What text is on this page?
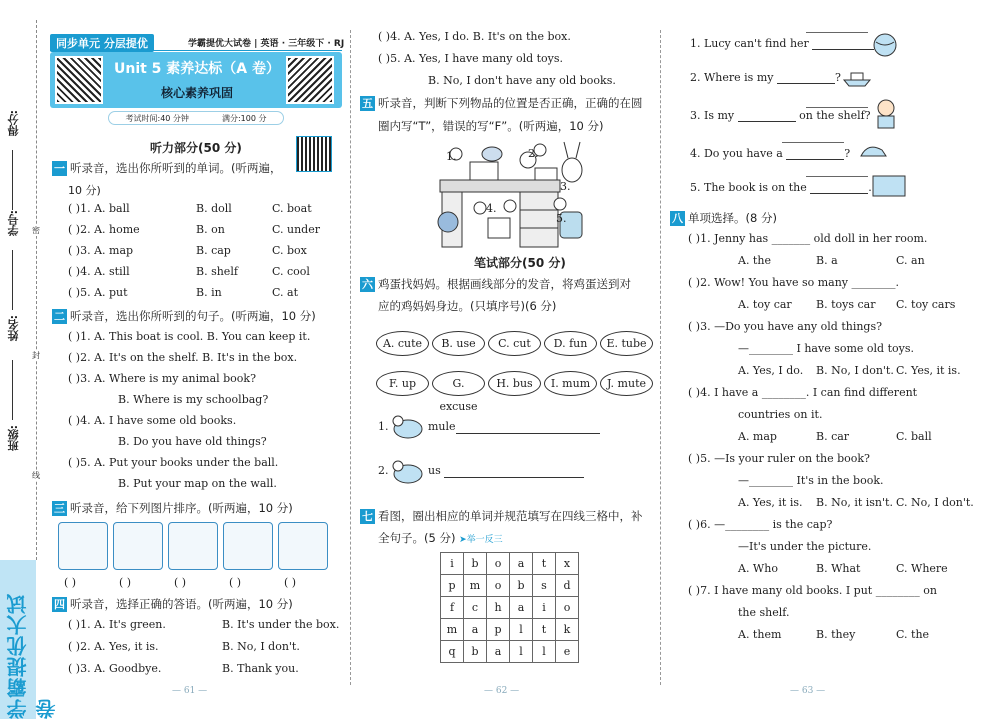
得分:
学号:
姓名:
班级:
密
封
线
学霸提优大试卷
同步单元 分层提优	学霸提优大试卷 | 英语 · 三年级下 · RJ
Unit 5 素养达标（A 卷）
核心素养巩固
考试时间:40 分钟	满分:100 分
听力部分(50 分)
一 听录音，选出你所听到的单词。(听两遍，
10 分)
( )1. A. ball	B. doll	C. boat
( )2. A. home	B. on	C. under
( )3. A. map	B. cap	C. box
( )4. A. still	B. shelf	C. cool
( )5. A. put	B. in	C. at
二 听录音，选出你所听到的句子。(听两遍，10 分)
( )1. A. This boat is cool. B. You can keep it.
( )2. A. It's on the shelf. B. It's in the box.
( )3. A. Where is my animal book?
B. Where is my schoolbag?
( )4. A. I have some old books.
B. Do you have old things?
( )5. A. Put your books under the ball.
B. Put your map on the wall.
三 听录音，给下列图片排序。(听两遍，10 分)
( )	( )	( )	( )	( )
四 听录音，选择正确的答语。(听两遍，10 分)
( )1. A. It's green.	B. It's under the box.
( )2. A. Yes, it is.	B. No, I don't.
( )3. A. Goodbye.	B. Thank you.
— 61 —
( )4. A. Yes, I do. B. It's on the box.
( )5. A. Yes, I have many old toys.
B. No, I don't have any old books.
五 听录音，判断下列物品的位置是否正确，正确的在圆
圈内写“T”，错误的写“F”。(听两遍，10 分)
1.	2.
3.
4.
5.
笔试部分(50 分)
六 鸡蛋找妈妈。根据画线部分的发音，将鸡蛋送到对
应的鸡妈妈身边。(只填序号)(6 分)
A. cute	B. use	C. cut	D. fun	E. tube
F. up	G. excuse
H. bus	I. mum	J. mute
1.	mule
2.	us
七 看图，圈出相应的单词并规范填写在四线三格中，补
全句子。(5 分) ➤举一反三
i	b	o	a	t	x
p	m	o	b	s	d
f	c	h	a	i	o
m	a	p	l	t	k
q	b	a	l	l	e
— 62 —
1. Lucy can't find her
2. Where is my	?
3. Is my	on the shelf?
4. Do you have a	?
5. The book is on the	.
八 单项选择。(8 分)
( )1. Jenny has _______ old doll in her room.
A. the	B. a	C. an
( )2. Wow! You have so many ________.
A. toy car B. toys car C. toy cars
( )3. —Do you have any old things?
—________ I have some old toys.
A. Yes, I do. B. No, I don't. C. Yes, it is.
( )4. I have a ________. I can find different
countries on it.
A. map	B. car	C. ball
( )5. —Is your ruler on the book?
—________ It's in the book.
A. Yes, it is. B. No, it isn't. C. No, I don't.
( )6. —________ is the cap?
—It's under the picture.
A. Who	B. What	C. Where
( )7. I have many old books. I put ________ on
the shelf.
A. them	B. they	C. the
— 63 —
